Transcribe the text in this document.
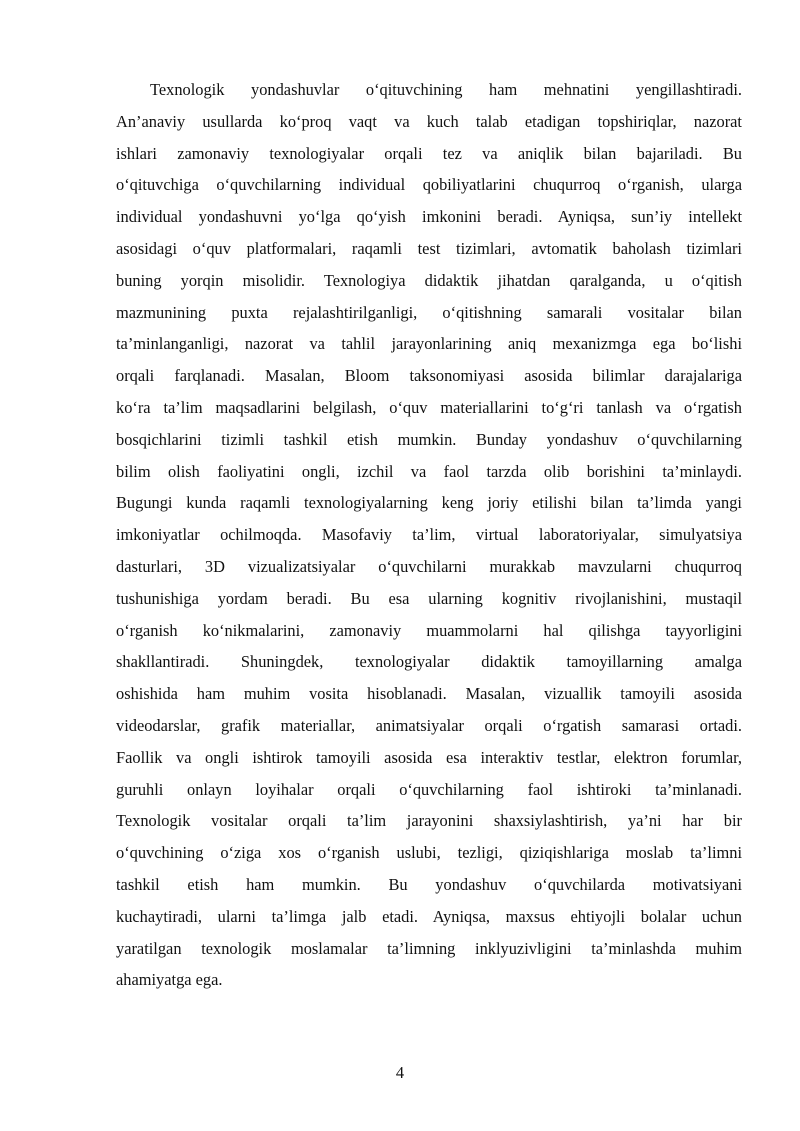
Texnologik yondashuvlar o‘qituvchining ham mehnatini yengillashtiradi.
An’anaviy usullarda ko‘proq vaqt va kuch talab etadigan topshiriqlar, nazorat
ishlari zamonaviy texnologiyalar orqali tez va aniqlik bilan bajariladi. Bu
o‘qituvchiga o‘quvchilarning individual qobiliyatlarini chuqurroq o‘rganish, ularga
individual yondashuvni yo‘lga qo‘yish imkonini beradi. Ayniqsa, sun’iy intellekt
asosidagi o‘quv platformalari, raqamli test tizimlari, avtomatik baholash tizimlari
buning yorqin misolidir. Texnologiya didaktik jihatdan qaralganda, u o‘qitish
mazmunining puxta rejalashtirilganligi, o‘qitishning samarali vositalar bilan
ta’minlanganligi, nazorat va tahlil jarayonlarining aniq mexanizmga ega bo‘lishi
orqali farqlanadi. Masalan, Bloom taksonomiyasi asosida bilimlar darajalariga
ko‘ra ta’lim maqsadlarini belgilash, o‘quv materiallarini to‘g‘ri tanlash va o‘rgatish
bosqichlarini tizimli tashkil etish mumkin. Bunday yondashuv o‘quvchilarning
bilim olish faoliyatini ongli, izchil va faol tarzda olib borishini ta’minlaydi.
Bugungi kunda raqamli texnologiyalarning keng joriy etilishi bilan ta’limda yangi
imkoniyatlar ochilmoqda. Masofaviy ta’lim, virtual laboratoriyalar, simulyatsiya
dasturlari, 3D vizualizatsiyalar o‘quvchilarni murakkab mavzularni chuqurroq
tushunishiga yordam beradi. Bu esa ularning kognitiv rivojlanishini, mustaqil
o‘rganish ko‘nikmalarini, zamonaviy muammolarni hal qilishga tayyorligini
shakllantiradi. Shuningdek, texnologiyalar didaktik tamoyillarning amalga
oshishida ham muhim vosita hisoblanadi. Masalan, vizuallik tamoyili asosida
videodarslar, grafik materiallar, animatsiyalar orqali o‘rgatish samarasi ortadi.
Faollik va ongli ishtirok tamoyili asosida esa interaktiv testlar, elektron forumlar,
guruhli onlayn loyihalar orqali o‘quvchilarning faol ishtiroki ta’minlanadi.
Texnologik vositalar orqali ta’lim jarayonini shaxsiylashtirish, ya’ni har bir
o‘quvchining o‘ziga xos o‘rganish uslubi, tezligi, qiziqishlariga moslab ta’limni
tashkil etish ham mumkin. Bu yondashuv o‘quvchilarda motivatsiyani
kuchaytiradi, ularni ta’limga jalb etadi. Ayniqsa, maxsus ehtiyojli bolalar uchun
yaratilgan texnologik moslamalar ta’limning inklyuzivligini ta’minlashda muhim
ahamiyatga ega.
4
